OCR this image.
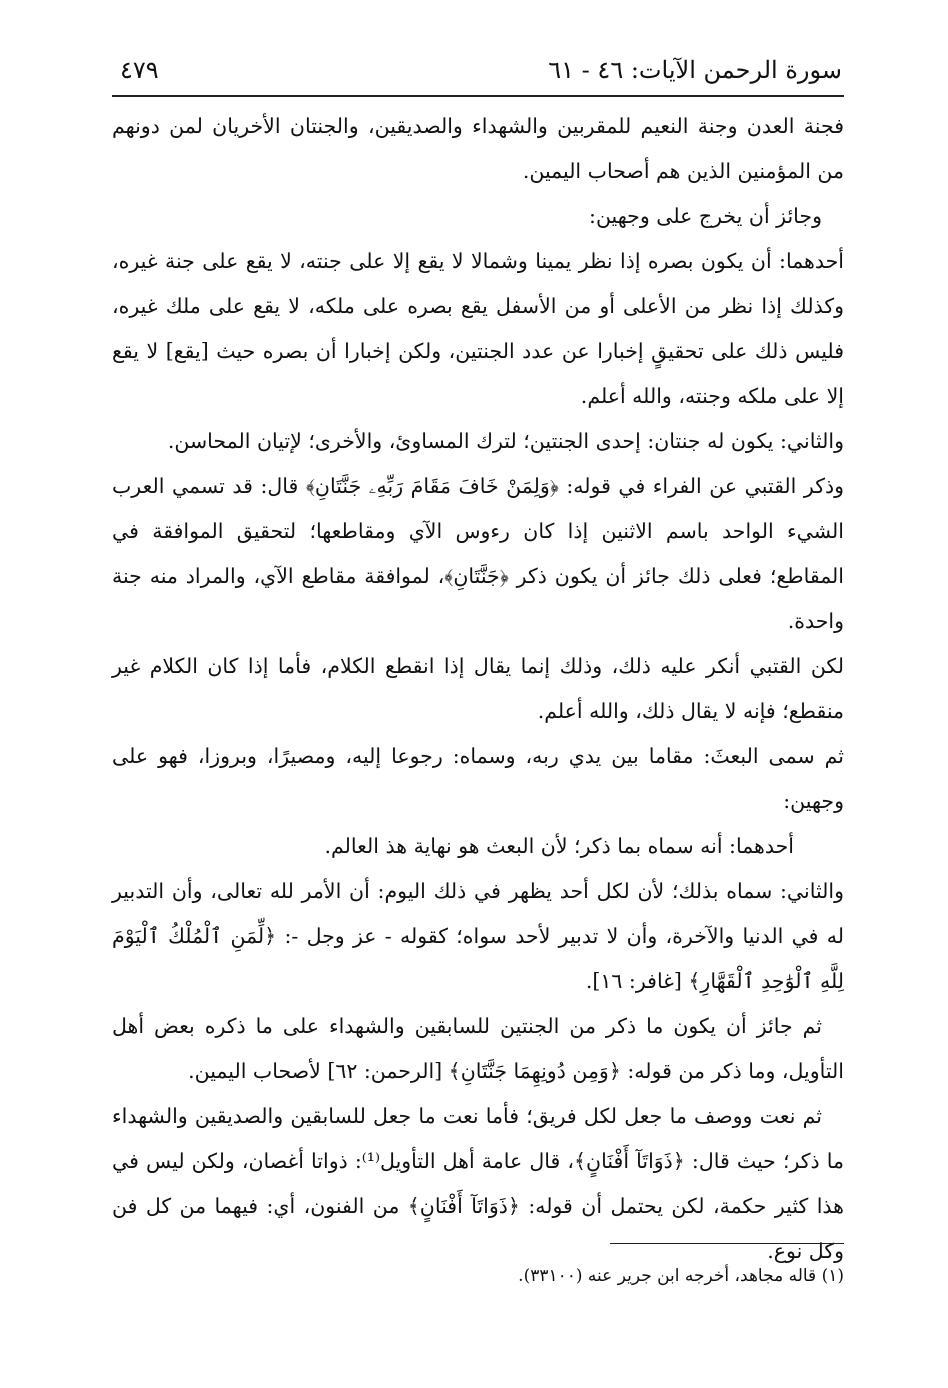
سورة الرحمن الآيات: ٤٦ - ٦١
٤٧٩

فجنة العدن وجنة النعيم للمقربين والشهداء والصديقين، والجنتان الأخريان لمن دونهم من المؤمنين الذين هم أصحاب اليمين.

وجائز أن يخرج على وجهين:

أحدهما: أن يكون بصره إذا نظر يمينا وشمالا لا يقع إلا على جنته، لا يقع على جنة غيره، وكذلك إذا نظر من الأعلى أو من الأسفل يقع بصره على ملكه، لا يقع على ملك غيره، فليس ذلك على تحقيقٍ إخبارا عن عدد الجنتين، ولكن إخبارا أن بصره حيث [يقع] لا يقع إلا على ملكه وجنته، والله أعلم.

والثاني: يكون له جنتان: إحدى الجنتين؛ لترك المساوئ، والأخرى؛ لإتيان المحاسن.

وذكر القتبي عن الفراء في قوله: ﴿وَلِمَنْ خَافَ مَقَامَ رَبِّهِۦ جَنَّتَانِ﴾ قال: قد تسمي العرب الشيء الواحد باسم الاثنين إذا كان رءوس الآي ومقاطعها؛ لتحقيق الموافقة في المقاطع؛ فعلى ذلك جائز أن يكون ذكر ﴿جَنَّتَانِ﴾، لموافقة مقاطع الآي، والمراد منه جنة واحدة.

لكن القتبي أنكر عليه ذلك، وذلك إنما يقال إذا انقطع الكلام، فأما إذا كان الكلام غير منقطع؛ فإنه لا يقال ذلك، والله أعلم.

ثم سمى البعثَ: مقاما بين يدي ربه، وسماه: رجوعا إليه، ومصيرًا، وبروزا، فهو على وجهين:

أحدهما: أنه سماه بما ذكر؛ لأن البعث هو نهاية هذ العالم.

والثاني: سماه بذلك؛ لأن لكل أحد يظهر في ذلك اليوم: أن الأمر لله تعالى، وأن التدبير له في الدنيا والآخرة، وأن لا تدبير لأحد سواه؛ كقوله - عز وجل -: ﴿لِّمَنِ ٱلْمُلْكُ ٱلْيَوْمَ لِلَّهِ ٱلْوَٰحِدِ ٱلْقَهَّارِ﴾ [غافر: ١٦].

ثم جائز أن يكون ما ذكر من الجنتين للسابقين والشهداء على ما ذكره بعض أهل التأويل، وما ذكر من قوله: ﴿وَمِن دُونِهِمَا جَنَّتَانِ﴾ [الرحمن: ٦٢] لأصحاب اليمين.

ثم نعت ووصف ما جعل لكل فريق؛ فأما نعت ما جعل للسابقين والصديقين والشهداء ما ذكر؛ حيث قال: ﴿ذَوَاتَآ أَفْنَانٍ﴾، قال عامة أهل التأويل⁽¹⁾: ذواتا أغصان، ولكن ليس في هذا كثير حكمة، لكن يحتمل أن قوله: ﴿ذَوَاتَآ أَفْنَانٍ﴾ من الفنون، أي: فيهما من كل فن وكل نوع.

(١) قاله مجاهد، أخرجه ابن جرير عنه (٣٣١٠٠).
